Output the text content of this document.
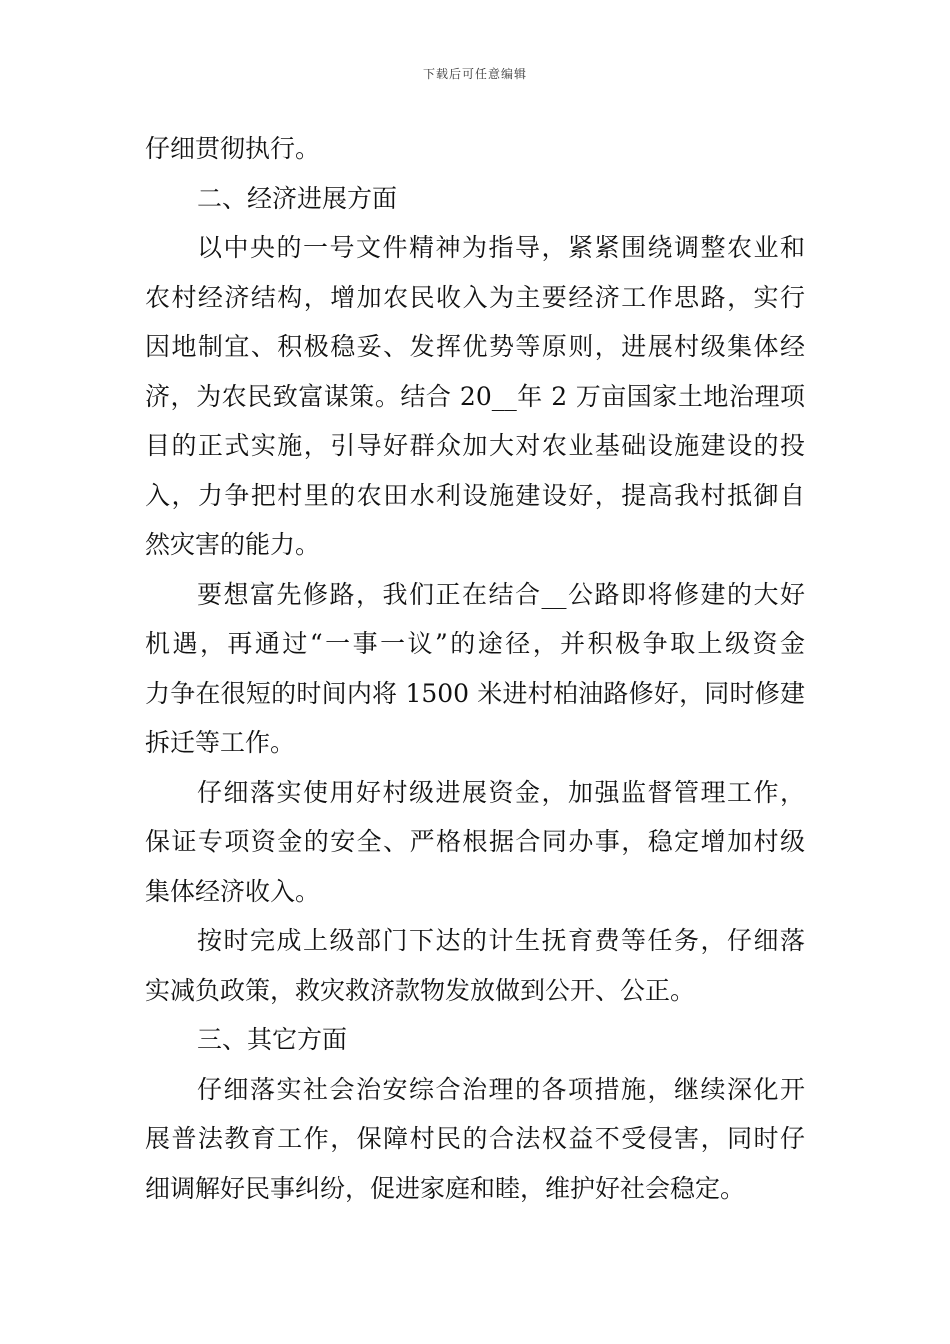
下载后可任意编辑
仔细贯彻执行。
二、经济进展方面
以中央的一号文件精神为指导，紧紧围绕调整农业和
农村经济结构，增加农民收入为主要经济工作思路，实行
因地制宜、积极稳妥、发挥优势等原则，进展村级集体经
济，为农民致富谋策。结合 20__年 2 万亩国家土地治理项
目的正式实施，引导好群众加大对农业基础设施建设的投
入，力争把村里的农田水利设施建设好，提高我村抵御自
然灾害的能力。
要想富先修路，我们正在结合__公路即将修建的大好
机遇，再通过“一事一议”的途径，并积极争取上级资金
力争在很短的时间内将 1500 米进村柏油路修好，同时修建
拆迁等工作。
仔细落实使用好村级进展资金，加强监督管理工作，
保证专项资金的安全、严格根据合同办事，稳定增加村级
集体经济收入。
按时完成上级部门下达的计生抚育费等任务，仔细落
实减负政策，救灾救济款物发放做到公开、公正。
三、其它方面
仔细落实社会治安综合治理的各项措施，继续深化开
展普法教育工作，保障村民的合法权益不受侵害，同时仔
细调解好民事纠纷，促进家庭和睦，维护好社会稳定。
